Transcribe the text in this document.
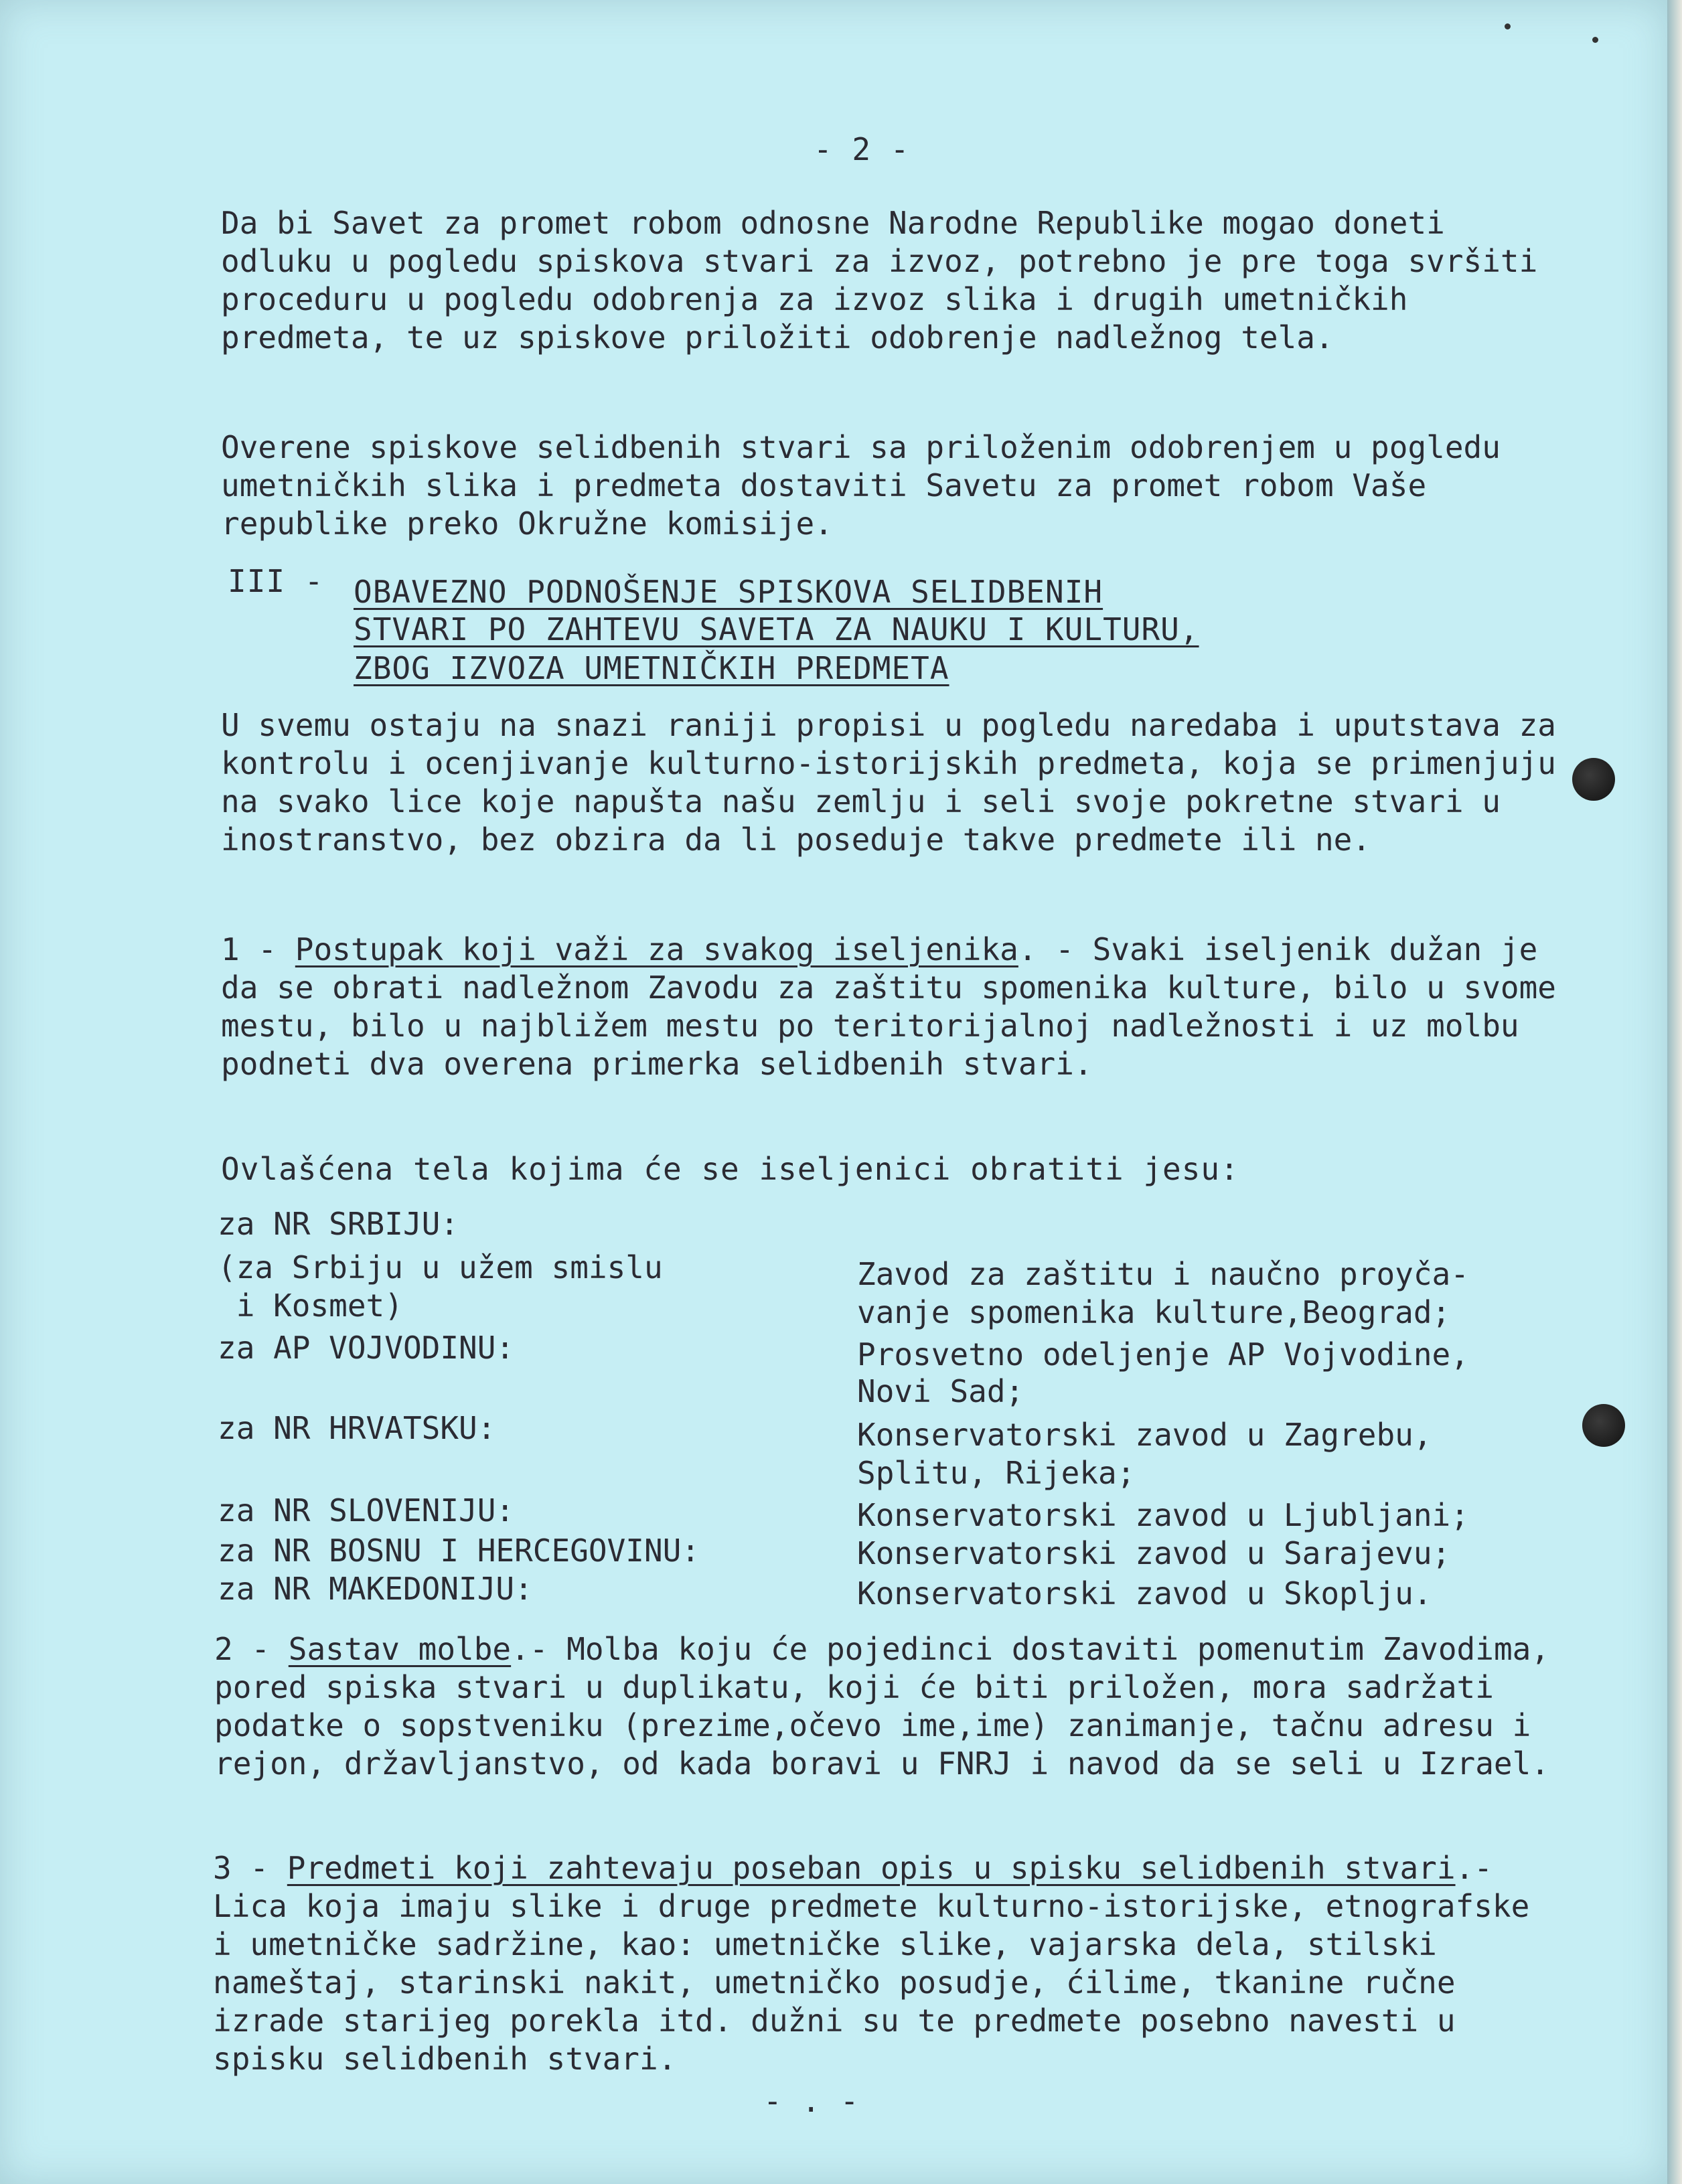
- 2 -
Da bi Savet za promet robom odnosne Narodne Republike mogao doneti odluku u pogledu spiskova stvari za izvoz, potrebno je pre toga svršiti proceduru u pogledu odobrenja za izvoz slika i drugih umetničkih predmeta, te uz spiskove priložiti odobrenje nadležnog tela.
Overene spiskove selidbenih stvari sa priloženim odobrenjem u pogledu umetničkih slika i predmeta dostaviti Savetu za promet robom Vaše republike preko Okružne komisije.
III - OBAVEZNO PODNOŠENJE SPISKOVA SELIDBENIH
STVARI PO ZAHTEVU SAVETA ZA NAUKU I KULTURU,
ZBOG IZVOZA UMETNIČKIH PREDMETA
U svemu ostaju na snazi raniji propisi u pogledu naredaba i uputstava za kontrolu i ocenjivanje kulturno-istorijskih predmeta, koja se primenjuju na svako lice koje napušta našu zemlju i seli svoje pokretne stvari u inostranstvo, bez obzira da li poseduje takve predmete ili ne.
1 - Postupak koji važi za svakog iseljenika. - Svaki iseljenik dužan je da se obrati nadležnom Zavodu za zaštitu spomenika kulture, bilo u svome mestu, bilo u najbližem mestu po teritorijalnoj nadležnosti i uz molbu podneti dva overena primerka selidbenih stvari.
Ovlašćena tela kojima će se iseljenici obratiti jesu:
za NR SRBIJU:
(za Srbiju u užem smislu	Zavod za zaštitu i naučno proуča-
i Kosmet)	vanje spomenika kulture,Beograd;
za AP VOJVODINU:	Prosvetno odeljenje AP Vojvodine,
Novi Sad;
za NR HRVATSKU:	Konservatorski zavod u Zagrebu,
Splitu, Rijeka;
za NR SLOVENIJU:	Konservatorski zavod u Ljubljani;
za NR BOSNU I HERCEGOVINU:	Konservatorski zavod u Sarajevu;
za NR MAKEDONIJU:	Konservatorski zavod u Skoplju.
2 - Sastav molbe.- Molba koju će pojedinci dostaviti pomenutim Zavodima, pored spiska stvari u duplikatu, koji će biti priložen, mora sadržati podatke o sopstveniku (prezime,očevo ime,ime) zanimanje, tačnu adresu i rejon, državljanstvo, od kada boravi u FNRJ i navod da se seli u Izrael.
3 - Predmeti koji zahtevaju poseban opis u spisku selidbenih stvari.- Lica koja imaju slike i druge predmete kulturno-istorijske, etnografske i umetničke sadržine, kao: umetničke slike, vajarska dela, stilski nameštaj, starinski nakit, umetničko posudje, ćilime, tkanine ručne izrade starijeg porekla itd. dužni su te predmete posebno navesti u spisku selidbenih stvari.
- . -
